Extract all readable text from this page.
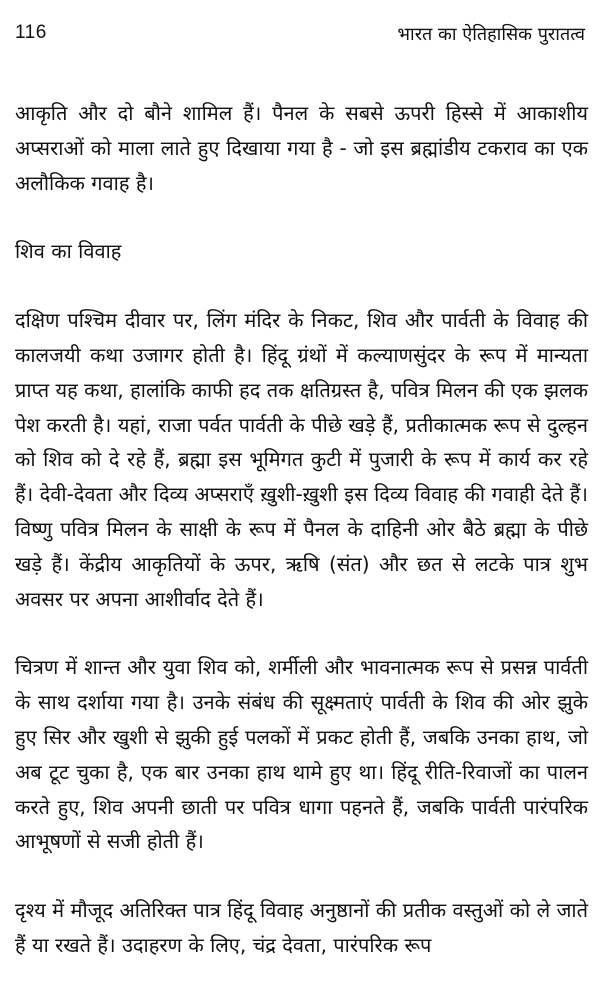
116	भारत का ऐतिहासिक पुरातत्व

आकृति और दो बौने शामिल हैं। पैनल के सबसे ऊपरी हिस्से में आकाशीय अप्सराओं को माला लाते हुए दिखाया गया है - जो इस ब्रह्मांडीय टकराव का एक अलौकिक गवाह है।

शिव का विवाह

दक्षिण पश्चिम दीवार पर, लिंग मंदिर के निकट, शिव और पार्वती के विवाह की कालजयी कथा उजागर होती है। हिंदू ग्रंथों में कल्याणसुंदर के रूप में मान्यता प्राप्त यह कथा, हालांकि काफी हद तक क्षतिग्रस्त है, पवित्र मिलन की एक झलक पेश करती है। यहां, राजा पर्वत पार्वती के पीछे खड़े हैं, प्रतीकात्मक रूप से दुल्हन को शिव को दे रहे हैं, ब्रह्मा इस भूमिगत कुटी में पुजारी के रूप में कार्य कर रहे हैं। देवी-देवता और दिव्य अप्सराएँ ख़ुशी-ख़ुशी इस दिव्य विवाह की गवाही देते हैं। विष्णु पवित्र मिलन के साक्षी के रूप में पैनल के दाहिनी ओर बैठे ब्रह्मा के पीछे खड़े हैं। केंद्रीय आकृतियों के ऊपर, ऋषि (संत) और छत से लटके पात्र शुभ अवसर पर अपना आशीर्वाद देते हैं।

चित्रण में शान्त और युवा शिव को, शर्मीली और भावनात्मक रूप से प्रसन्न पार्वती के साथ दर्शाया गया है। उनके संबंध की सूक्ष्मताएं पार्वती के शिव की ओर झुके हुए सिर और खुशी से झुकी हुई पलकों में प्रकट होती हैं, जबकि उनका हाथ, जो अब टूट चुका है, एक बार उनका हाथ थामे हुए था। हिंदू रीति-रिवाजों का पालन करते हुए, शिव अपनी छाती पर पवित्र धागा पहनते हैं, जबकि पार्वती पारंपरिक आभूषणों से सजी होती हैं।

दृश्य में मौजूद अतिरिक्त पात्र हिंदू विवाह अनुष्ठानों की प्रतीक वस्तुओं को ले जाते हैं या रखते हैं। उदाहरण के लिए, चंद्र देवता, पारंपरिक रूप
